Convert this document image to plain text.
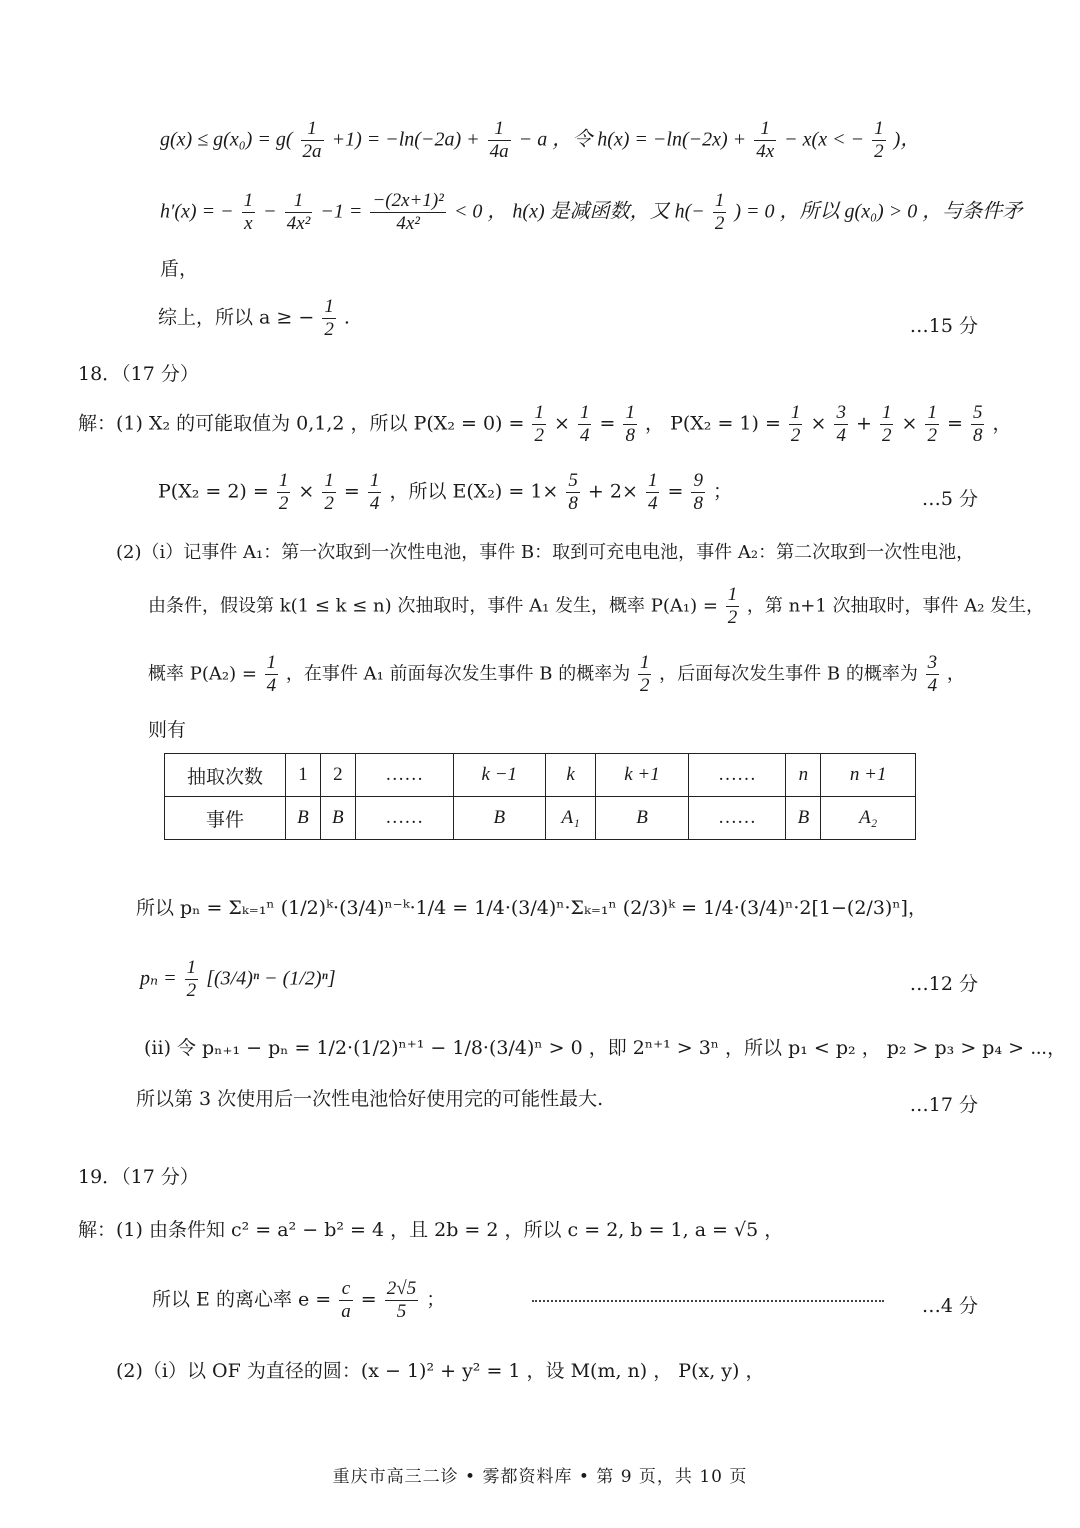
$g(x) \le g(x_0) = g( \frac{1}{2a} +1) = -\ln(-2a) + \frac{1}{4a} - a$ ，令 $h(x) = -\ln(-2x) + \frac{1}{4x} - x(x$ < − $\frac{1}{2}$ )，
h′(x) = − $\frac{1}{x} - \frac{1}{\text{4x²}} -1 = \frac{\text{−(2x+1)²}}{\text{4x²}} < 0$ ， h(x) 是减函数，又 $h(- \frac{1}{2}$ ) = 0 ，所以 g(x₀) > 0 ，与条件矛
盾，
综上，所以 a ≥ − $\frac{1}{2}$ .	…15 分
18．（17 分）
解：(1) X₂ 的可能取值为 0,1,2 ，所以 $P(X_2 = 0) = \frac{1}{2} \times \frac{1}{4} = \frac{1}{8}$ ， $P(X_2 = 1) = \frac{1}{2} \times \frac{3}{4} + \frac{1}{2} \times \frac{1}{2} = \frac{5}{8}$ ，
$P(X_2 = 2) = \frac{1}{2} \times \frac{1}{2} = \frac{1}{4}$ ，所以 $E(X_2) = 1\times \frac{5}{8} + 2\times \frac{1}{4} = \frac{9}{8}$ ；	…5 分
(2)（i）记事件 A₁：第一次取到一次性电池，事件 B：取到可充电电池，事件 A₂：第二次取到一次性电池，
由条件，假设第 k(1 ≤ k ≤ n) 次抽取时，事件 A₁ 发生，概率 $P(A_1) = \frac{1}{2}$ ，第 n+1 次抽取时，事件 A₂ 发生，
概率 $P(A_2) = \frac{1}{4}$ ，在事件 A₁ 前面每次发生事件 B 的概率为 $\frac{1}{2}$ ，后面每次发生事件 B 的概率为 $\frac{3}{4}$ ，
则有
抽取次数	1	2	……	k −1	k	k +1	……	n	n +1
事件	B	B	……	B	A₁	B	……	B	A₂
所以 pₙ = Σₖ₌₁ⁿ (1/2)ᵏ·(3/4)ⁿ⁻ᵏ·1/4 = 1/4·(3/4)ⁿ·Σₖ₌₁ⁿ (2/3)ᵏ = 1/4·(3/4)ⁿ·2[1−(2/3)ⁿ]，
$p_n = \frac{1}{2} [(3/4)^n - (1/2)^n]$	…12 分
(ii) 令 pₙ₊₁ − pₙ = 1/2·(1/2)ⁿ⁺¹ − 1/8·(3/4)ⁿ > 0 ，即 2ⁿ⁺¹ > 3ⁿ ，所以 p₁ < p₂ ， p₂ > p₃ > p₄ > ⋯，
所以第 3 次使用后一次性电池恰好使用完的可能性最大.	…17 分
19．（17 分）
解：(1) 由条件知 c² = a² − b² = 4 ，且 2b = 2 ，所以 c = 2, b = 1, a = √5 ，
所以 E 的离心率 $e = \frac{c}{a} = \frac{2√5}{5}$ ；	…4 分
(2)（i）以 OF 为直径的圆：(x − 1)² + y² = 1 ，设 M(m, n) ， P(x, y) ，
重庆市高三二诊 • 雾都资料库 • 第 9 页，共 10 页
